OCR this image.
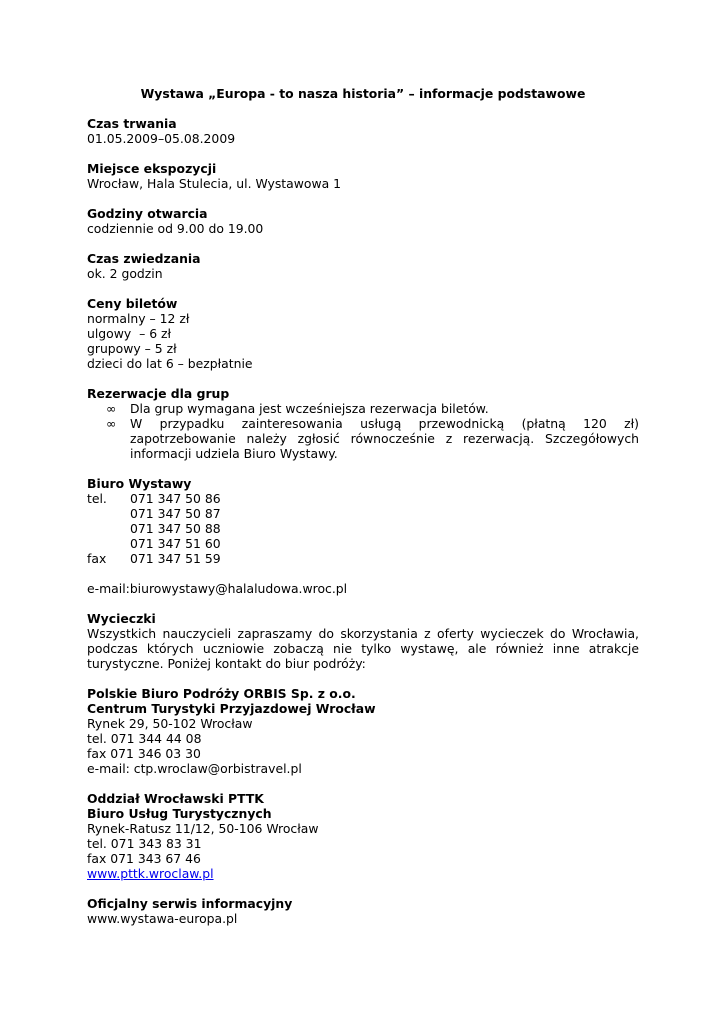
Wystawa „Europa - to nasza historia” – informacje podstawowe
Czas trwania
01.05.2009–05.08.2009
Miejsce ekspozycji
Wrocław, Hala Stulecia, ul. Wystawowa 1
Godziny otwarcia
codziennie od 9.00 do 19.00
Czas zwiedzania
ok. 2 godzin
Ceny biletów
normalny – 12 zł
ulgowy  – 6 zł
grupowy – 5 zł
dzieci do lat 6 – bezpłatnie
Rezerwacje dla grup
∞ Dla grup wymagana jest wcześniejsza rezerwacja biletów.
∞ W przypadku zainteresowania usługą przewodnicką (płatną 120 zł) zapotrzebowanie należy zgłosić równocześnie z rezerwacją. Szczegółowych informacji udziela Biuro Wystawy.
Biuro Wystawy
tel.	071 347 50 86
071 347 50 87
071 347 50 88
071 347 51 60
fax	071 347 51 59
e-mail:biurowystawy@halaludowa.wroc.pl
Wycieczki
Wszystkich nauczycieli zapraszamy do skorzystania z oferty wycieczek do Wrocławia, podczas których uczniowie zobaczą nie tylko wystawę, ale również inne atrakcje turystyczne. Poniżej kontakt do biur podróży:
Polskie Biuro Podróży ORBIS Sp. z o.o.
Centrum Turystyki Przyjazdowej Wrocław
Rynek 29, 50-102 Wrocław
tel. 071 344 44 08
fax 071 346 03 30
e-mail: ctp.wroclaw@orbistravel.pl
Oddział Wrocławski PTTK
Biuro Usług Turystycznych
Rynek-Ratusz 11/12, 50-106 Wrocław
tel. 071 343 83 31
fax 071 343 67 46
www.pttk.wroclaw.pl
Oficjalny serwis informacyjny
www.wystawa-europa.pl
